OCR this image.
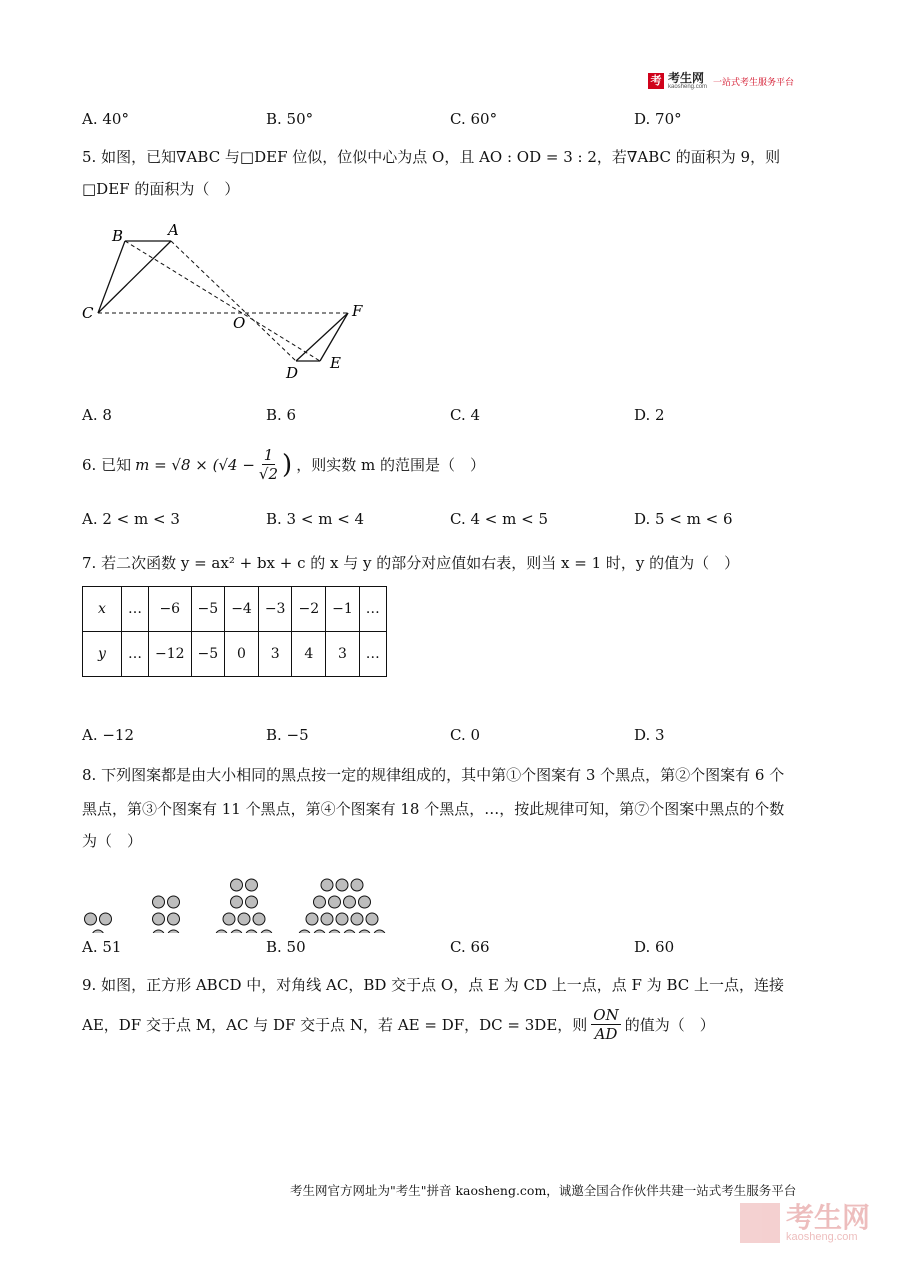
考 考生网
kaosheng.com
一站式考生服务平台
A. 40°	B. 50°	C. 60°	D. 70°
5. 如图，已知∇ABC 与□DEF 位似，位似中心为点 O，且 AO : OD = 3 : 2，若∇ABC 的面积为 9，则
□DEF 的面积为（　）
B	A
C
O
F
D
E
A. 8	B. 6	C. 4	D. 2
6. 已知 $m = √8 \times (√4 - \frac{1}{√2}$ ) ，则实数 m 的范围是（　）
A. 2 < m < 3	B. 3 < m < 4	C. 4 < m < 5	D. 5 < m < 6
7. 若二次函数 y = ax² + bx + c 的 x 与 y 的部分对应值如右表，则当 x = 1 时，y 的值为（　）
x	…	−6	−5	−4	−3	−2	−1	…
y	…	−12	−5	0	3	4	3	…
A. −12	B. −5	C. 0	D. 3
8. 下列图案都是由大小相同的黑点按一定的规律组成的，其中第①个图案有 3 个黑点，第②个图案有 6 个
黑点，第③个图案有 11 个黑点，第④个图案有 18 个黑点，…，按此规律可知，第⑦个图案中黑点的个数
为（　）
A. 51	B. 50	C. 66	D. 60
9. 如图，正方形 ABCD 中，对角线 AC，BD 交于点 O，点 E 为 CD 上一点，点 F 为 BC 上一点，连接
AE，DF 交于点 M，AC 与 DF 交于点 N，若 AE = DF，DC = 3DE，则 $\frac{ON}{AD}$ 的值为（　）
考生网官方网址为"考生"拼音 kaosheng.com，诚邀全国合作伙伴共建一站式考生服务平台
考生网
kaosheng.com
